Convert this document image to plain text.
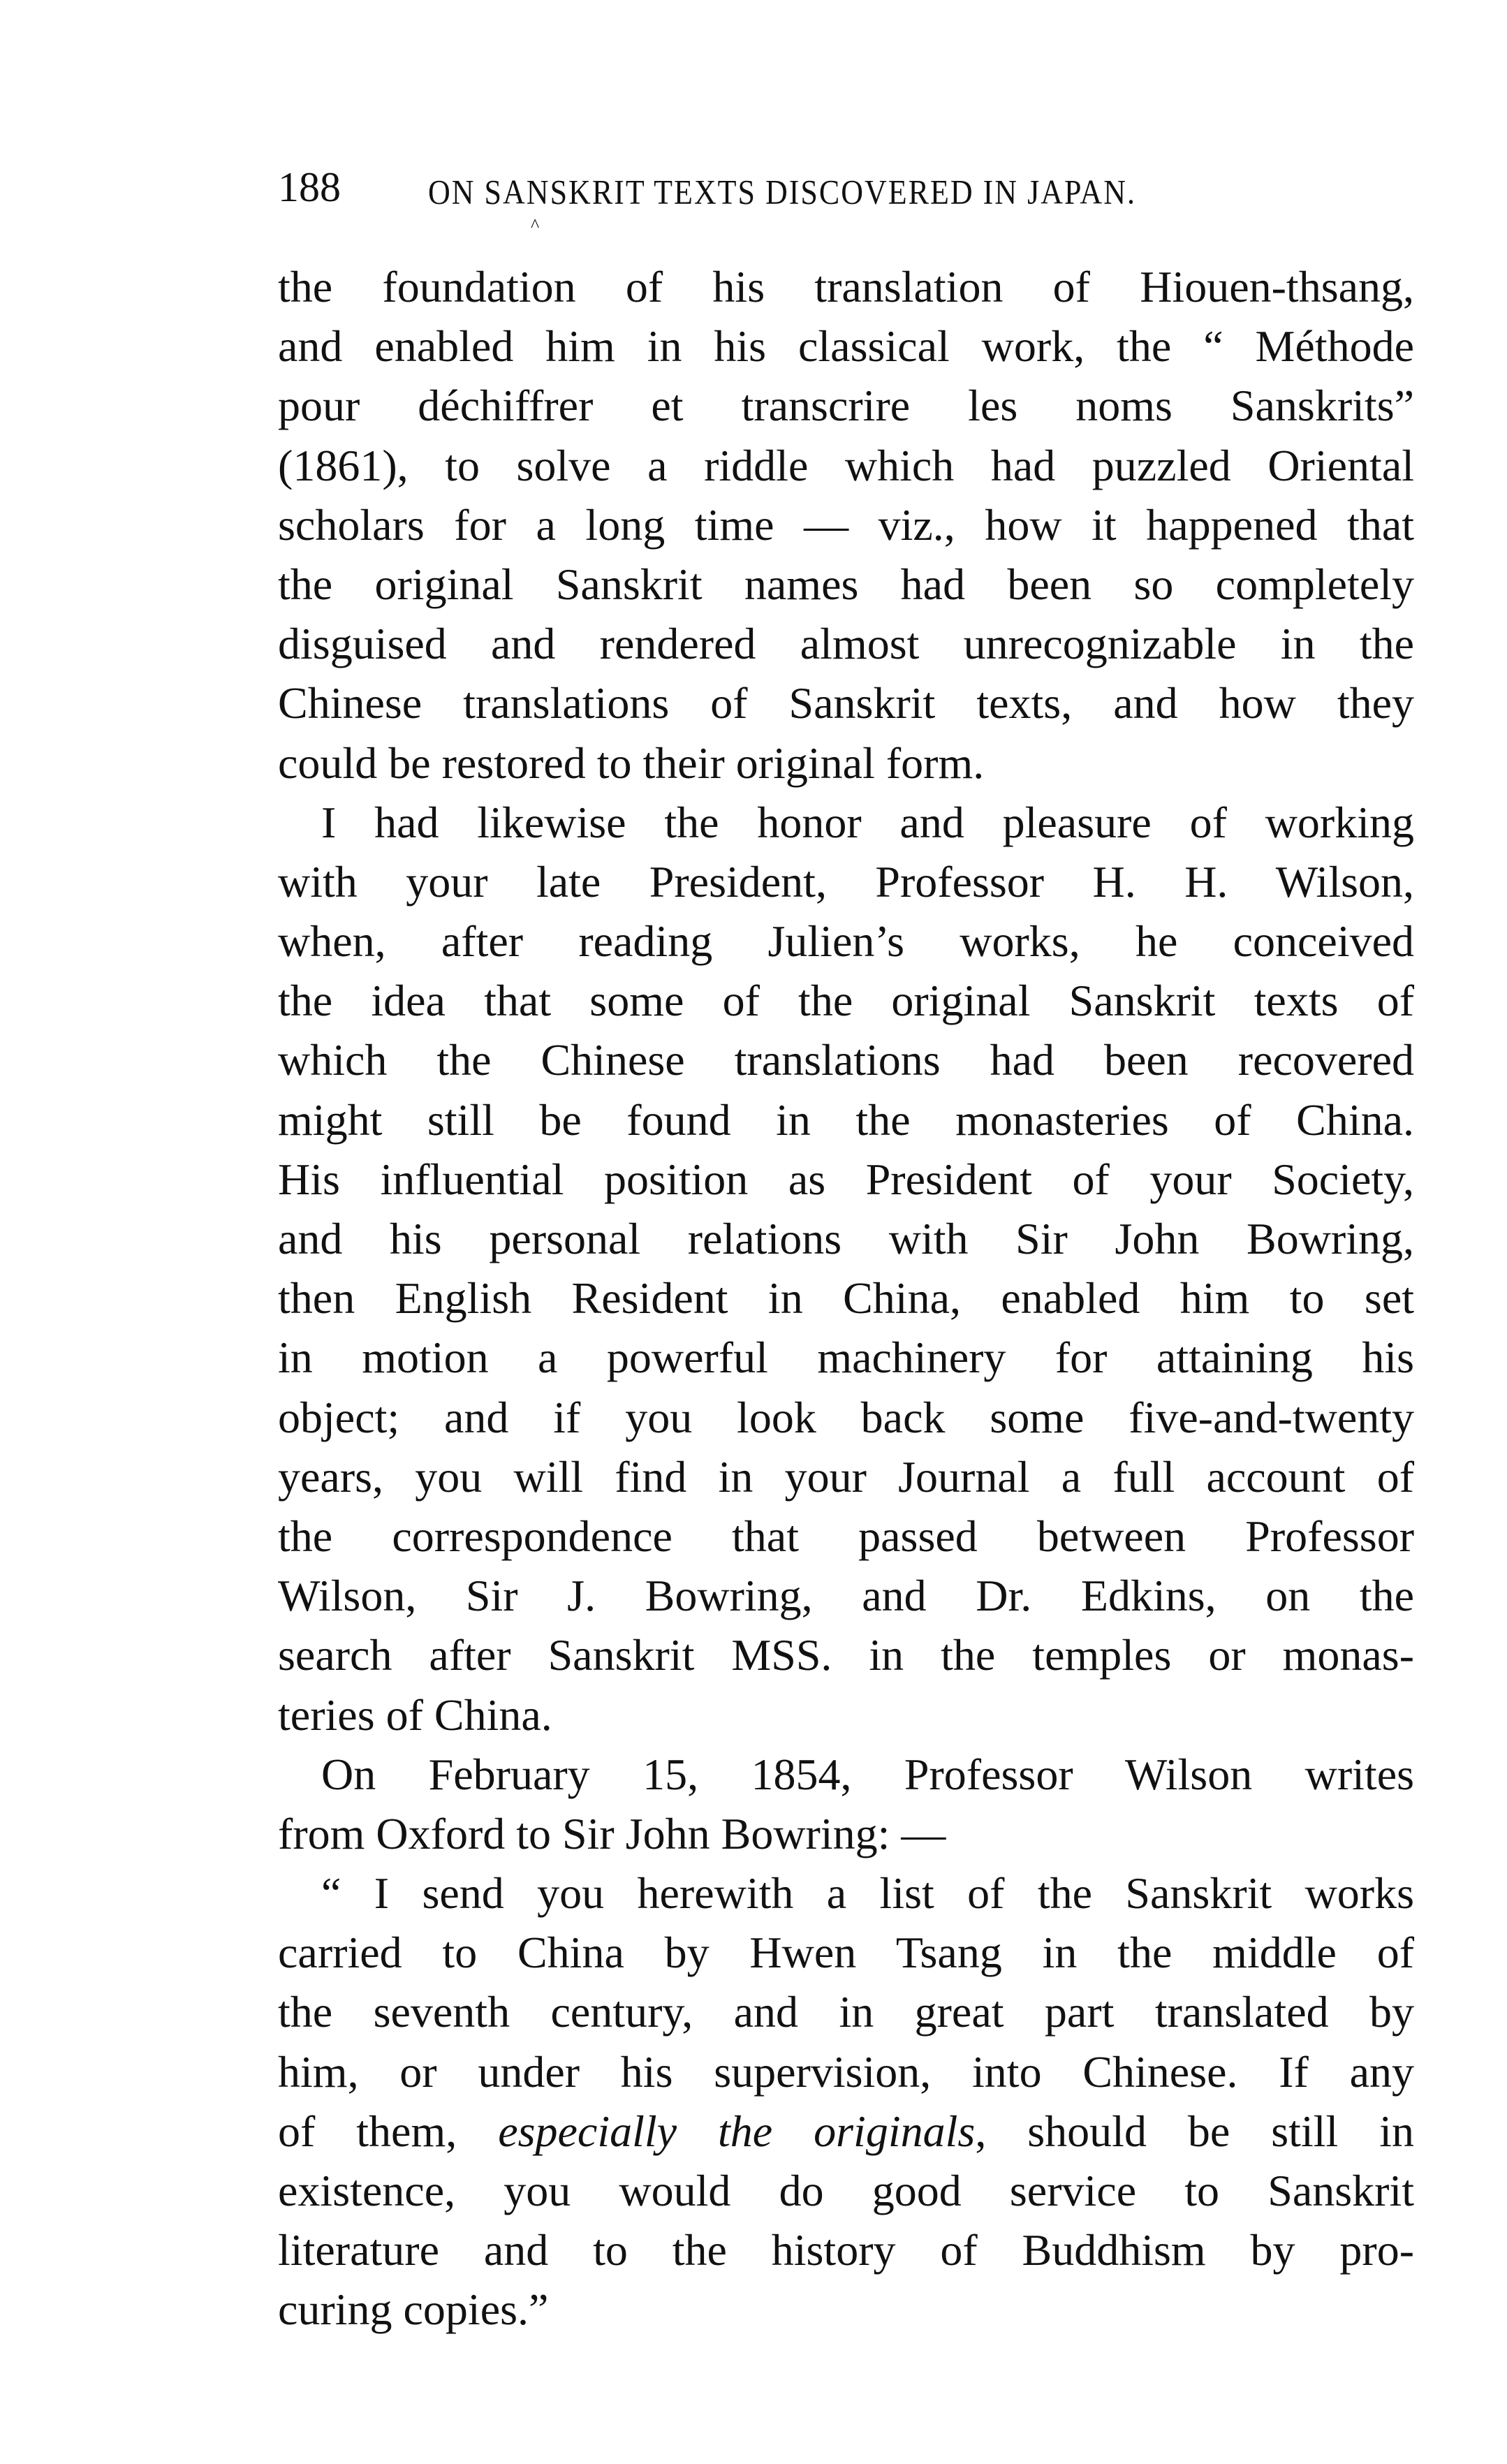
188	ON SANSKRIT TEXTS DISCOVERED IN JAPAN.
^
the foundation of his translation of Hiouen-thsang,
and enabled him in his classical work, the “ Méthode
pour déchiffrer et transcrire les noms Sanskrits”
(1861), to solve a riddle which had puzzled Oriental
scholars for a long time — viz., how it happened that
the original Sanskrit names had been so completely
disguised and rendered almost unrecognizable in the
Chinese translations of Sanskrit texts, and how they
could be restored to their original form.
I had likewise the honor and pleasure of working
with your late President, Professor H. H. Wilson,
when, after reading Julien’s works, he conceived
the idea that some of the original Sanskrit texts of
which the Chinese translations had been recovered
might still be found in the monasteries of China.
His influential position as President of your Society,
and his personal relations with Sir John Bowring,
then English Resident in China, enabled him to set
in motion a powerful machinery for attaining his
object; and if you look back some five-and-twenty
years, you will find in your Journal a full account of
the correspondence that passed between Professor
Wilson, Sir J. Bowring, and Dr. Edkins, on the
search after Sanskrit MSS. in the temples or monas-
teries of China.
On February 15, 1854, Professor Wilson writes
from Oxford to Sir John Bowring: —
“ I send you herewith a list of the Sanskrit works
carried to China by Hwen Tsang in the middle of
the seventh century, and in great part translated by
him, or under his supervision, into Chinese. If any
of them, especially the originals, should be still in
existence, you would do good service to Sanskrit
literature and to the history of Buddhism by pro-
curing copies.”
